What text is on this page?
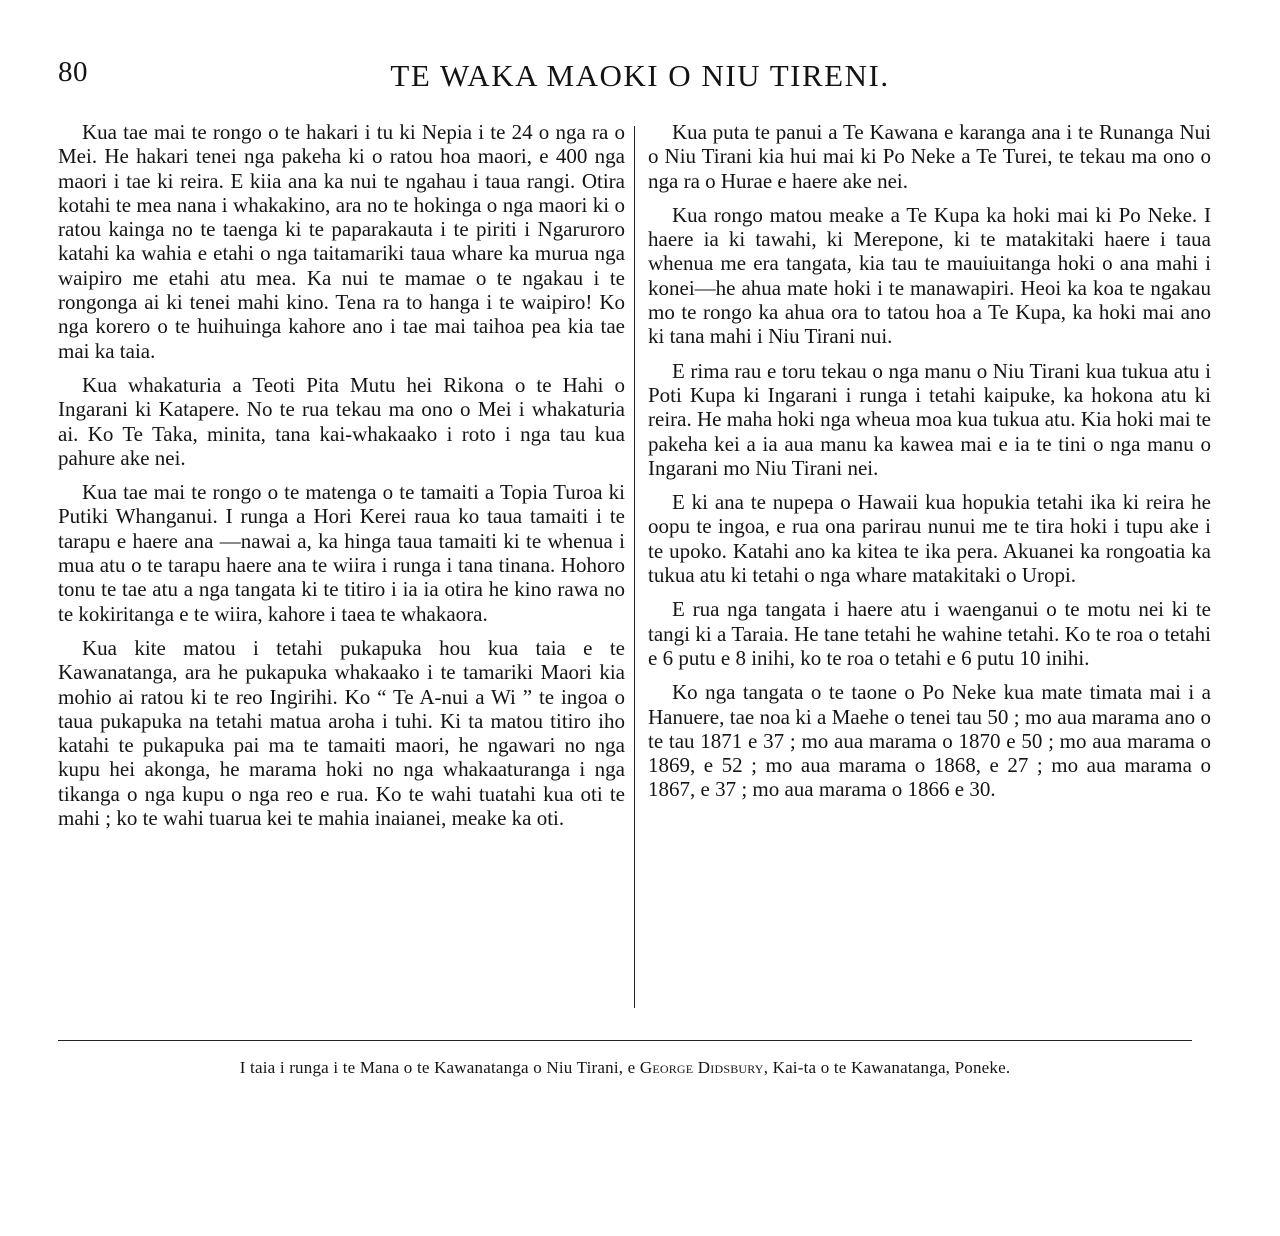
80	TE WAKA MAOKI O NIU TIRENI.

Kua tae mai te rongo o te hakari i tu ki Nepia i te 24 o nga ra o Mei. He hakari tenei nga pakeha ki o ratou hoa maori, e 400 nga maori i tae ki reira. E kiia ana ka nui te ngahau i taua rangi. Otira kotahi te mea nana i whakakino, ara no te hokinga o nga maori ki o ratou kainga no te taenga ki te paparakauta i te piriti i Ngaruroro katahi ka wahia e etahi o nga taitamariki taua whare ka murua nga waipiro me etahi atu mea. Ka nui te mamae o te ngakau i te rongonga ai ki tenei mahi kino. Tena ra to hanga i te waipiro! Ko nga korero o te huihuinga kahore ano i tae mai taihoa pea kia tae mai ka taia.

Kua whakaturia a Teoti Pita Mutu hei Rikona o te Hahi o Ingarani ki Katapere. No te rua tekau ma ono o Mei i whakaturia ai. Ko Te Taka, minita, tana kai-whakaako i roto i nga tau kua pahure ake nei.

Kua tae mai te rongo o te matenga o te tamaiti a Topia Turoa ki Putiki Whanganui. I runga a Hori Kerei raua ko taua tamaiti i te tarapu e haere ana —nawai a, ka hinga taua tamaiti ki te whenua i mua atu o te tarapu haere ana te wiira i runga i tana tinana. Hohoro tonu te tae atu a nga tangata ki te titiro i ia ia otira he kino rawa no te kokiritanga e te wiira, kahore i taea te whakaora.

Kua kite matou i tetahi pukapuka hou kua taia e te Kawanatanga, ara he pukapuka whakaako i te tamariki Maori kia mohio ai ratou ki te reo Ingirihi. Ko “ Te A-nui a Wi ” te ingoa o taua pukapuka na tetahi matua aroha i tuhi. Ki ta matou titiro iho katahi te pukapuka pai ma te tamaiti maori, he ngawari no nga kupu hei akonga, he marama hoki no nga whakaaturanga i nga tikanga o nga kupu o nga reo e rua. Ko te wahi tuatahi kua oti te mahi ; ko te wahi tuarua kei te mahia inaianei, meake ka oti.

Kua puta te panui a Te Kawana e karanga ana i te Runanga Nui o Niu Tirani kia hui mai ki Po Neke a Te Turei, te tekau ma ono o nga ra o Hurae e haere ake nei.

Kua rongo matou meake a Te Kupa ka hoki mai ki Po Neke. I haere ia ki tawahi, ki Merepone, ki te matakitaki haere i taua whenua me era tangata, kia tau te mauiuitanga hoki o ana mahi i konei—he ahua mate hoki i te manawapiri. Heoi ka koa te ngakau mo te rongo ka ahua ora to tatou hoa a Te Kupa, ka hoki mai ano ki tana mahi i Niu Tirani nui.

E rima rau e toru tekau o nga manu o Niu Tirani kua tukua atu i Poti Kupa ki Ingarani i runga i tetahi kaipuke, ka hokona atu ki reira. He maha hoki nga wheua moa kua tukua atu. Kia hoki mai te pakeha kei a ia aua manu ka kawea mai e ia te tini o nga manu o Ingarani mo Niu Tirani nei.

E ki ana te nupepa o Hawaii kua hopukia tetahi ika ki reira he oopu te ingoa, e rua ona parirau nunui me te tira hoki i tupu ake i te upoko. Katahi ano ka kitea te ika pera. Akuanei ka rongoatia ka tukua atu ki tetahi o nga whare matakitaki o Uropi.

E rua nga tangata i haere atu i waenganui o te motu nei ki te tangi ki a Taraia. He tane tetahi he wahine tetahi. Ko te roa o tetahi e 6 putu e 8 inihi, ko te roa o tetahi e 6 putu 10 inihi.

Ko nga tangata o te taone o Po Neke kua mate timata mai i a Hanuere, tae noa ki a Maehe o tenei tau 50 ; mo aua marama ano o te tau 1871 e 37 ; mo aua marama o 1870 e 50 ; mo aua marama o 1869, e 52 ; mo aua marama o 1868, e 27 ; mo aua marama o 1867, e 37 ; mo aua marama o 1866 e 30.

I taia i runga i te Mana o te Kawanatanga o Niu Tirani, e George Didsbury, Kai-ta o te Kawanatanga, Poneke.
